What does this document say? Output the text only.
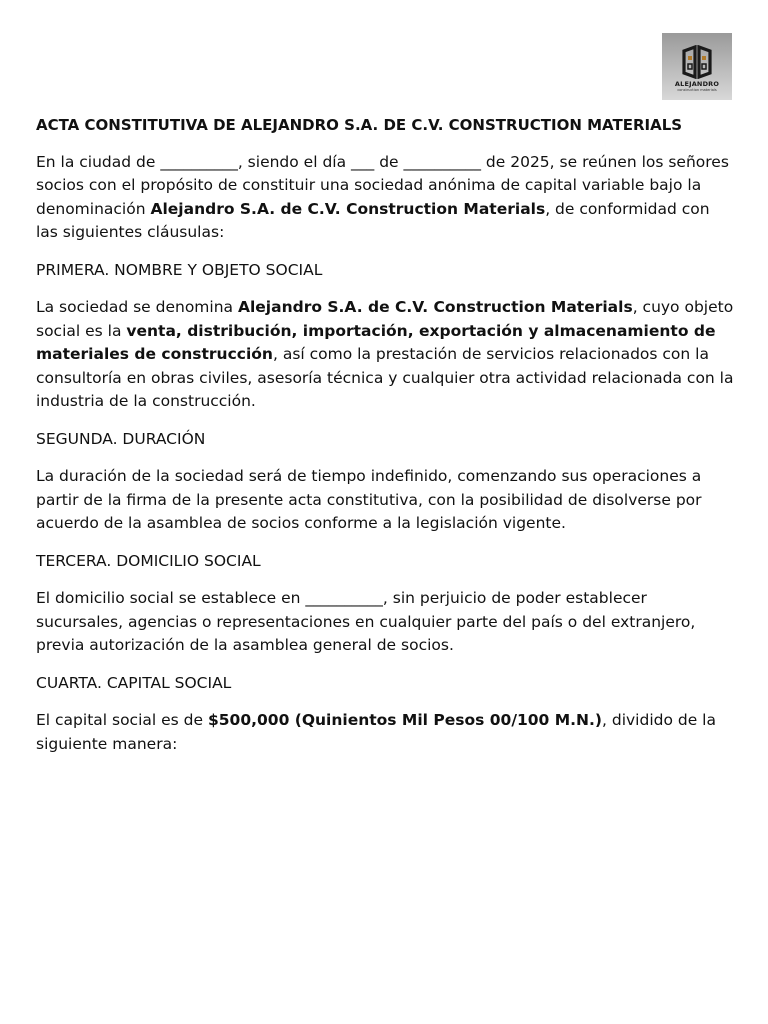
ALEJANDRO
construction materials
ACTA CONSTITUTIVA DE ALEJANDRO S.A. DE C.V. CONSTRUCTION MATERIALS

En la ciudad de __________, siendo el día ___ de __________ de 2025, se reúnen los señores socios con el propósito de constituir una sociedad anónima de capital variable bajo la denominación Alejandro S.A. de C.V. Construction Materials, de conformidad con las siguientes cláusulas:

PRIMERA. NOMBRE Y OBJETO SOCIAL

La sociedad se denomina Alejandro S.A. de C.V. Construction Materials, cuyo objeto social es la venta, distribución, importación, exportación y almacenamiento de materiales de construcción, así como la prestación de servicios relacionados con la consultoría en obras civiles, asesoría técnica y cualquier otra actividad relacionada con la industria de la construcción.

SEGUNDA. DURACIÓN

La duración de la sociedad será de tiempo indefinido, comenzando sus operaciones a partir de la firma de la presente acta constitutiva, con la posibilidad de disolverse por acuerdo de la asamblea de socios conforme a la legislación vigente.

TERCERA. DOMICILIO SOCIAL

El domicilio social se establece en __________, sin perjuicio de poder establecer sucursales, agencias o representaciones en cualquier parte del país o del extranjero, previa autorización de la asamblea general de socios.

CUARTA. CAPITAL SOCIAL

El capital social es de $500,000 (Quinientos Mil Pesos 00/100 M.N.), dividido de la siguiente manera:
